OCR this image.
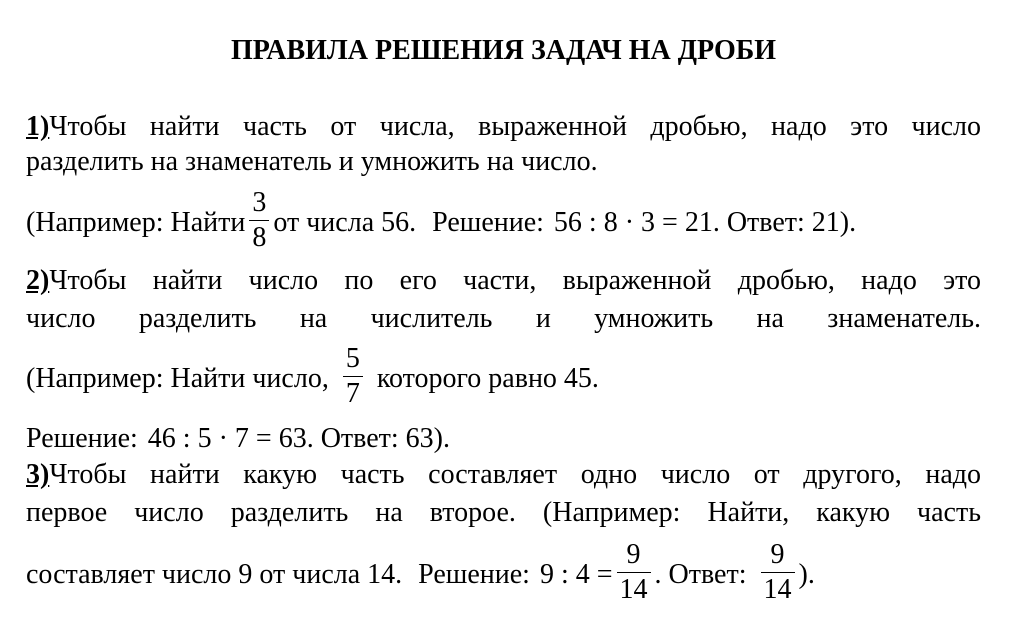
ПРАВИЛА РЕШЕНИЯ ЗАДАЧ НА ДРОБИ
1)Чтобы найти часть от числа, выраженной дробью, надо это число
разделить на знаменатель и умножить на число.
(Например: Найти $\frac{3}{8}$ от числа 56. Решение: 56 : 8 · 3 = 21. Ответ: 21).
2)Чтобы найти число по его части, выраженной дробью, надо это
число разделить на числитель и умножить на знаменатель.
(Например: Найти число, $\frac{5}{7}$ которого равно 45.
Решение: 46 : 5 · 7 = 63. Ответ: 63).
3)Чтобы найти какую часть составляет одно число от другого, надо
первое число разделить на второе. (Например: Найти, какую часть
составляет число 9 от числа 14. Решение: 9 : $4 = \frac{9}{14}$ . Ответ: $\frac{9}{14}$ ).
